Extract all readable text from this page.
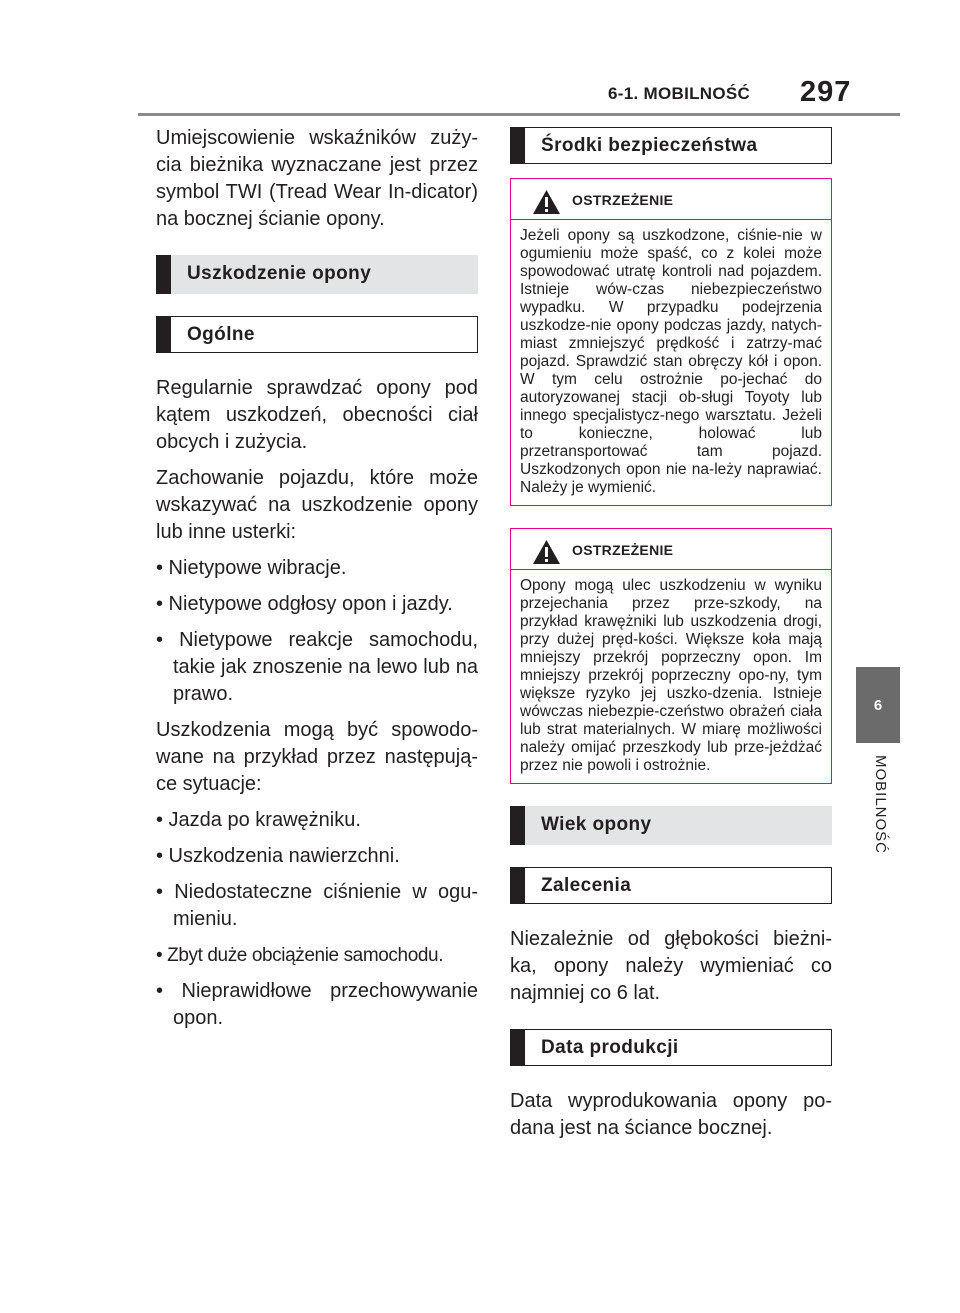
6-1. MOBILNOŚĆ 297
6
MOBILNOŚĆ

Umiejscowienie wskaźników zuży-cia bieżnika wyznaczane jest przez symbol TWI (Tread Wear In-dicator) na bocznej ścianie opony.

Uszkodzenie opony
Ogólne

Regularnie sprawdzać opony pod kątem uszkodzeń, obecności ciał obcych i zużycia.

Zachowanie pojazdu, które może wskazywać na uszkodzenie opony lub inne usterki:

• Nietypowe wibracje.
• Nietypowe odgłosy opon i jazdy.
• Nietypowe reakcje samochodu, takie jak znoszenie na lewo lub na prawo.

Uszkodzenia mogą być spowodo-wane na przykład przez następują-ce sytuacje:

• Jazda po krawężniku.
• Uszkodzenia nawierzchni.
• Niedostateczne ciśnienie w ogu-mieniu.
• Zbyt duże obciążenie samochodu.
• Nieprawidłowe przechowywanie opon.
Środki bezpieczeństwa
OSTRZEŻENIE
Jeżeli opony są uszkodzone, ciśnie-nie w ogumieniu może spaść, co z kolei może spowodować utratę kontroli nad pojazdem. Istnieje wów-czas niebezpieczeństwo wypadku. W przypadku podejrzenia uszkodze-nie opony podczas jazdy, natych-miast zmniejszyć prędkość i zatrzy-mać pojazd. Sprawdzić stan obręczy kół i opon. W tym celu ostrożnie po-jechać do autoryzowanej stacji ob-sługi Toyoty lub innego specjalistycz-nego warsztatu. Jeżeli to konieczne, holować lub przetransportować tam pojazd. Uszkodzonych opon nie na-leży naprawiać. Należy je wymienić.
OSTRZEŻENIE
Opony mogą ulec uszkodzeniu w wyniku przejechania przez prze-szkody, na przykład krawężniki lub uszkodzenia drogi, przy dużej pręd-kości. Większe koła mają mniejszy przekrój poprzeczny opon. Im mniejszy przekrój poprzeczny opo-ny, tym większe ryzyko jej uszko-dzenia. Istnieje wówczas niebezpie-czeństwo obrażeń ciała lub strat materialnych. W miarę możliwości należy omijać przeszkody lub prze-jeżdżać przez nie powoli i ostrożnie.
Wiek opony
Zalecenia

Niezależnie od głębokości bieżni-ka, opony należy wymieniać co najmniej co 6 lat.

Data produkcji

Data wyprodukowania opony po-dana jest na ściance bocznej.
